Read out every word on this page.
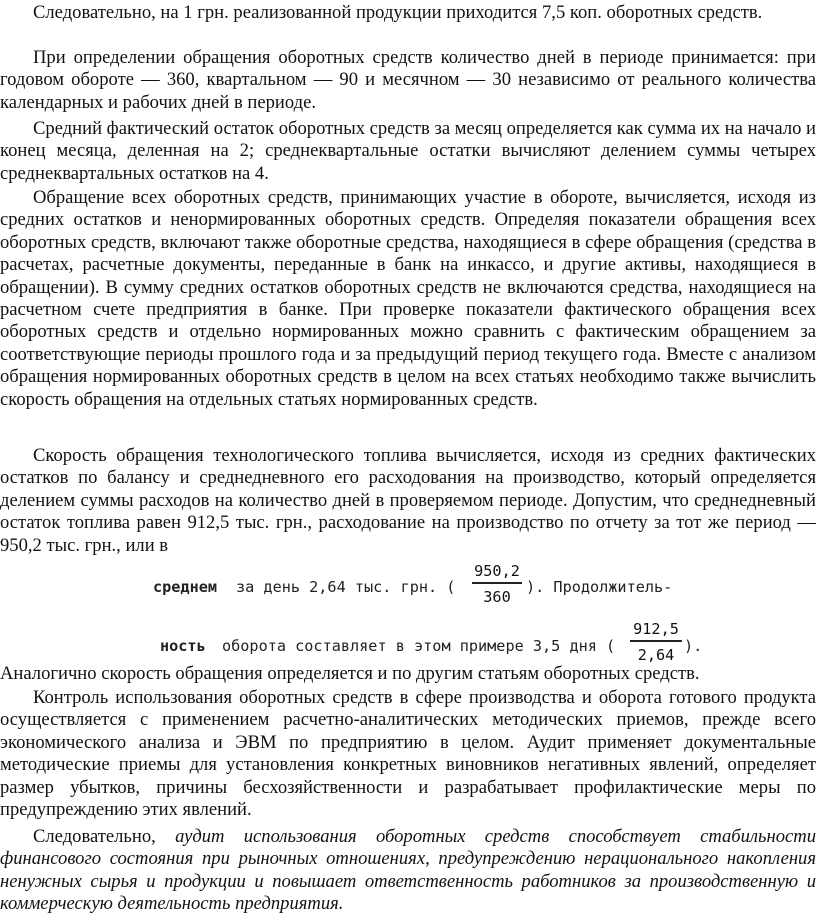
Следовательно, на 1 грн. реализованной продукции приходится 7,5 коп. оборотных средств.

При определении обращения оборотных средств количество дней в периоде принимается: при годовом обороте — 360, квартальном — 90 и месячном — 30 независимо от реального количества календарных и рабочих дней в периоде.

Средний фактический остаток оборотных средств за месяц определяется как сумма их на начало и конец месяца, деленная на 2; среднеквартальные остатки вычисляют делением суммы четырех среднеквартальных остатков на 4.

Обращение всех оборотных средств, принимающих участие в обороте, вычисляется, исходя из средних остатков и ненормированных оборотных средств. Определяя показатели обращения всех оборотных средств, включают также оборотные средства, находящиеся в сфере обращения (средства в расчетах, расчетные документы, переданные в банк на инкассо, и другие активы, находящиеся в обращении). В сумму средних остатков оборотных средств не включаются средства, находящиеся на расчетном счете предприятия в банке. При проверке показатели фактического обращения всех оборотных средств и отдельно нормированных можно сравнить с фактическим обращением за соответствующие периоды прошлого года и за предыдущий период текущего года. Вместе с анализом обращения нормированных оборотных средств в целом на всех статьях необходимо также вычислить скорость обращения на отдельных статьях нормированных средств.

Скорость обращения технологического топлива вычисляется, исходя из средних фактических остатков по балансу и среднедневного его расходования на производство, который определяется делением суммы расходов на количество дней в проверяемом периоде. Допустим, что среднедневный остаток топлива равен 912,5 тыс. грн., расходование на производство по отчету за тот же период — 950,2 тыс. грн., или в

среднем за день 2,64 тыс. грн. (
950,2
360
). Продолжитель-
ность оборота составляет в этом примере 3,5 дня (
912,5
2,64 ).

Аналогично скорость обращения определяется и по другим статьям оборотных средств.

Контроль использования оборотных средств в сфере производства и оборота готового продукта осуществляется с применением расчетно-аналитических методических приемов, прежде всего экономического анализа и ЭВМ по предприятию в целом. Аудит применяет документальные методические приемы для установления конкретных виновников негативных явлений, определяет размер убытков, причины бесхозяйственности и разрабатывает профилактические меры по предупреждению этих явлений.

Следовательно, аудит использования оборотных средств способствует стабильности финансового состояния при рыночных отношениях, предупреждению нерационального накопления ненужных сырья и продукции и повышает ответственность работников за производственную и коммерческую деятельность предприятия.
